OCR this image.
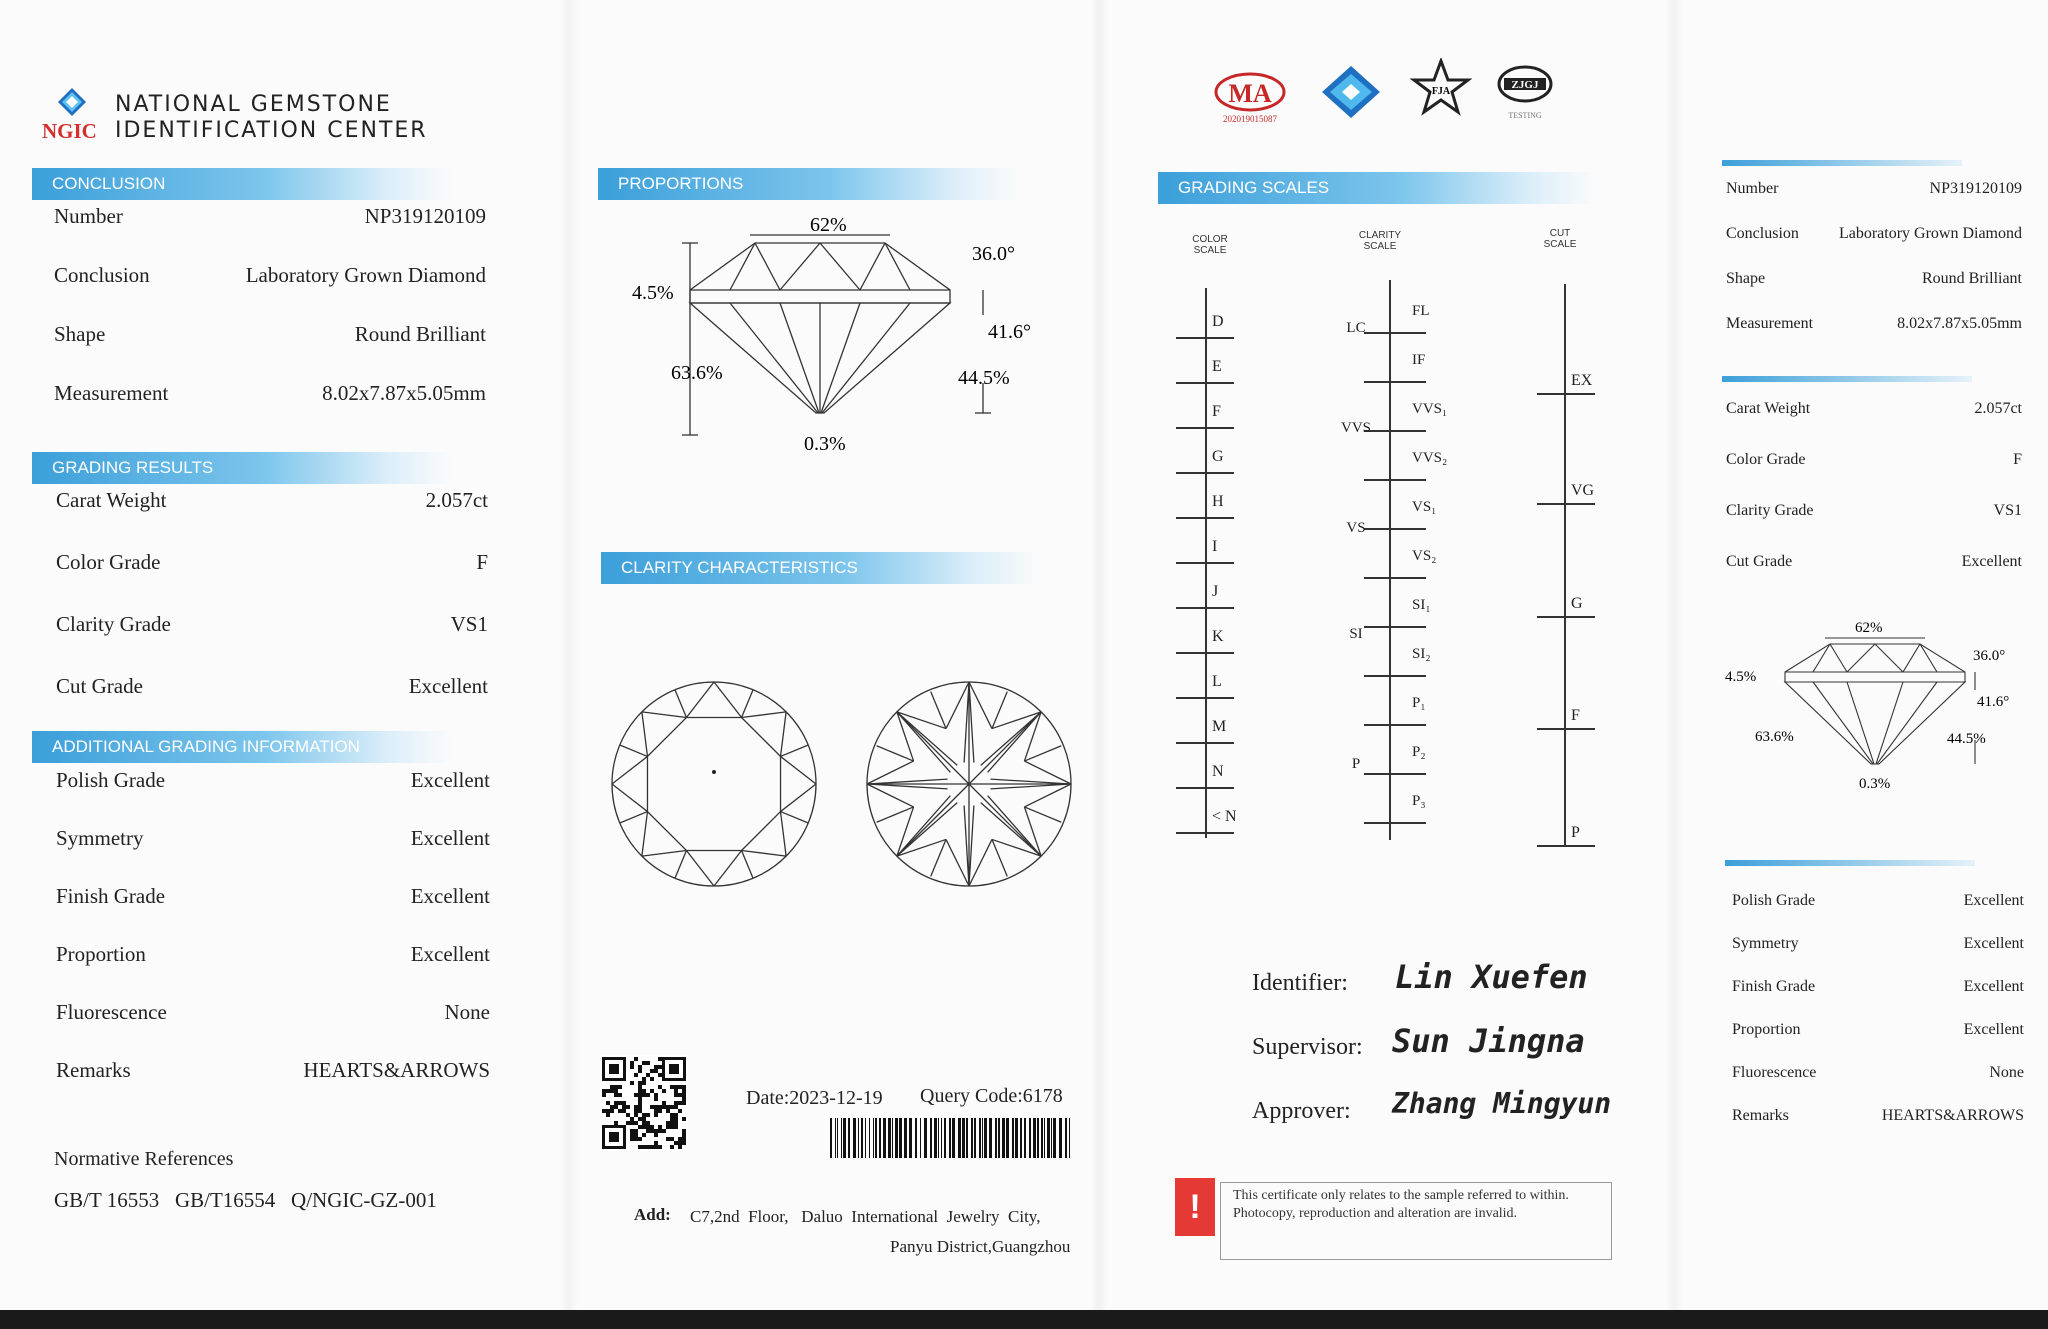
NGIC
NATIONAL GEMSTONE
IDENTIFICATION CENTER
CONCLUSION
Number	NP319120109
Conclusion	Laboratory Grown Diamond
Shape	Round Brilliant
Measurement	8.02x7.87x5.05mm
GRADING RESULTS
Carat Weight	2.057ct
Color Grade	F
Clarity Grade	VS1
Cut Grade	Excellent
ADDITIONAL GRADING INFORMATION
Polish Grade	Excellent
Symmetry	Excellent
Finish Grade	Excellent
Proportion	Excellent
Fluorescence	None
Remarks	HEARTS&ARROWS
Normative References
GB/T 16553   GB/T16554   Q/NGIC-GZ-001
PROPORTIONS
62%
36.0°
41.6°
4.5%
63.6%	44.5%
0.3%
CLARITY CHARACTERISTICS
Date:2023-12-19 Query Code:6178
Add: C7,2nd  Floor,   Daluo  International  Jewelry  City,
Panyu District,Guangzhou
MA
202019015087
FJA
ZJGJ
TESTING
GRADING SCALES
COLOR
SCALE
CLARITY
SCALE
CUT
SCALE
D
E
F
G
H
I
J
K
L
M
N
< N
FL
IF
VVS₁
VVS₂
VS₁
VS₂
SI₁
SI₂
P₁
P₂
P₃
LC
VVS
VS
SI
P
EX
VG
G
F
P
Identifier: Lin Xuefen
Supervisor: Sun Jingna
Approver: Zhang Mingyun
!	This certificate only relates to the sample referred to within. Photocopy, reproduction and alteration are invalid.
Number	NP319120109
Conclusion	Laboratory Grown Diamond
Shape	Round Brilliant
Measurement	8.02x7.87x5.05mm
Carat Weight	2.057ct
Color Grade	F
Clarity Grade	VS1
Cut Grade	Excellent
62%
36.0°
41.6°
4.5%
63.6%	44.5%
0.3%
Polish Grade	Excellent
Symmetry	Excellent
Finish Grade	Excellent
Proportion	Excellent
Fluorescence	None
Remarks	HEARTS&ARROWS
